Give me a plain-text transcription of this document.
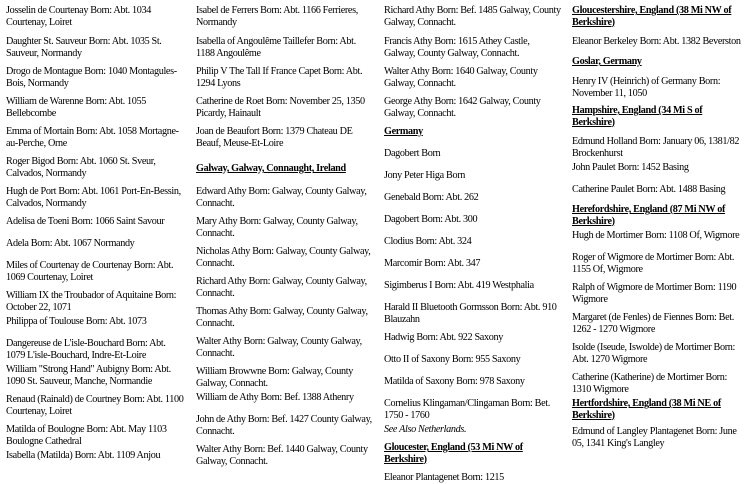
Josselin de Courtenay Born: Abt. 1034 Courtenay, Loiret
Daughter St. Sauveur Born: Abt. 1035 St. Sauveur, Normandy
Drogo de Montague Born: 1040 Montagules-Bois, Normandy
William de Warenne Born: Abt. 1055 Bellebcombe
Emma of Mortain Born: Abt. 1058 Mortagne-au-Perche, Orne
Roger Bigod Born: Abt. 1060 St. Sveur, Calvados, Normandy
Hugh de Port Born: Abt. 1061 Port-En-Bessin, Calvados, Normandy
Adelisa de Toeni Born: 1066 Saint Savour
Adela Born: Abt. 1067 Normandy
Miles of Courtenay de Courtenay Born: Abt. 1069 Courtenay, Loiret
William IX the Troubador of Aquitaine Born: October 22, 1071
Philippa of Toulouse Born: Abt. 1073
Dangereuse de L'isle-Bouchard Born: Abt. 1079 L'isle-Bouchard, Indre-Et-Loire
William "Strong Hand" Aubigny Born: Abt. 1090 St. Sauveur, Manche, Normandie
Renaud (Rainald) de Courtney Born: Abt. 1100 Courtenay, Loiret
Matilda of Boulogne Born: Abt. May 1103 Boulogne Cathedral
Isabella (Matilda) Born: Abt. 1109 Anjou
Isabel de Ferrers Born: Abt. 1166 Ferrieres, Normandy
Isabella of Angoulême Taillefer Born: Abt. 1188 Angoulême
Philip V The Tall If France Capet Born: Abt. 1294 Lyons
Catherine de Roet Born: November 25, 1350 Picardy, Hainault
Joan de Beaufort Born: 1379 Chateau DE Beauf, Meuse-Et-Loire
Galway, Galway, Connaught, Ireland
Edward Athy Born: Galway, County Galway, Connacht.
Mary Athy Born: Galway, County Galway, Connacht.
Nicholas Athy Born: Galway, County Galway, Connacht.
Richard Athy Born: Galway, County Galway, Connacht.
Thomas Athy Born: Galway, County Galway, Connacht.
Walter Athy Born: Galway, County Galway, Connacht.
William Browwne Born: Galway, County Galway, Connacht.
William de Athy Born: Bef. 1388 Athenry
John de Athy Born: Bef. 1427 County Galway, Connacht.
Walter Athy Born: Bef. 1440 Galway, County Galway, Connacht.
Richard Athy Born: Bef. 1485 Galway, County Galway, Connacht.
Francis Athy Born: 1615 Athey Castle, Galway, County Galway, Connacht.
Walter Athy Born: 1640 Galway, County Galway, Connacht.
George Athy Born: 1642 Galway, County Galway, Connacht.
Germany
Dagobert Born
Jony Peter Higa Born
Genebald Born: Abt. 262
Dagobert Born: Abt. 300
Clodius Born: Abt. 324
Marcomir Born: Abt. 347
Sigimberus I Born: Abt. 419 Westphalia
Harald II Bluetooth Gormsson Born: Abt. 910 Blauzahn
Hadwig Born: Abt. 922 Saxony
Otto II of Saxony Born: 955 Saxony
Matilda of Saxony Born: 978 Saxony
Cornelius Klingaman/Clingaman Born: Bet. 1750 - 1760
See Also Netherlands.
Gloucester, England (53 Mi NW of Berkshire)
Eleanor Plantagenet Born: 1215
Gloucestershire, England (38 Mi NW of Berkshire)
Eleanor Berkeley Born: Abt. 1382 Beverston
Goslar, Germany
Henry IV (Heinrich) of Germany Born: November 11, 1050
Hampshire, England (34 Mi S of Berkshire)
Edmund Holland Born: January 06, 1381/82 Brockenhurst
John Paulet Born: 1452 Basing
Catherine Paulet Born: Abt. 1488 Basing
Herefordshire, England (87 Mi NW of Berkshire)
Hugh de Mortimer Born: 1108 Of, Wigmore
Roger of Wigmore de Mortimer Born: Abt. 1155 Of, Wigmore
Ralph of Wigmore de Mortimer Born: 1190 Wigmore
Margaret (de Fenles) de Fiennes Born: Bet. 1262 - 1270 Wigmore
Isolde (Iseude, Iswolde) de Mortimer Born: Abt. 1270 Wigmore
Catherine (Katherine) de Mortimer Born: 1310 Wigmore
Hertfordshire, England (38 Mi NE of Berkshire)
Edmund of Langley Plantagenet Born: June 05, 1341 King's Langley
